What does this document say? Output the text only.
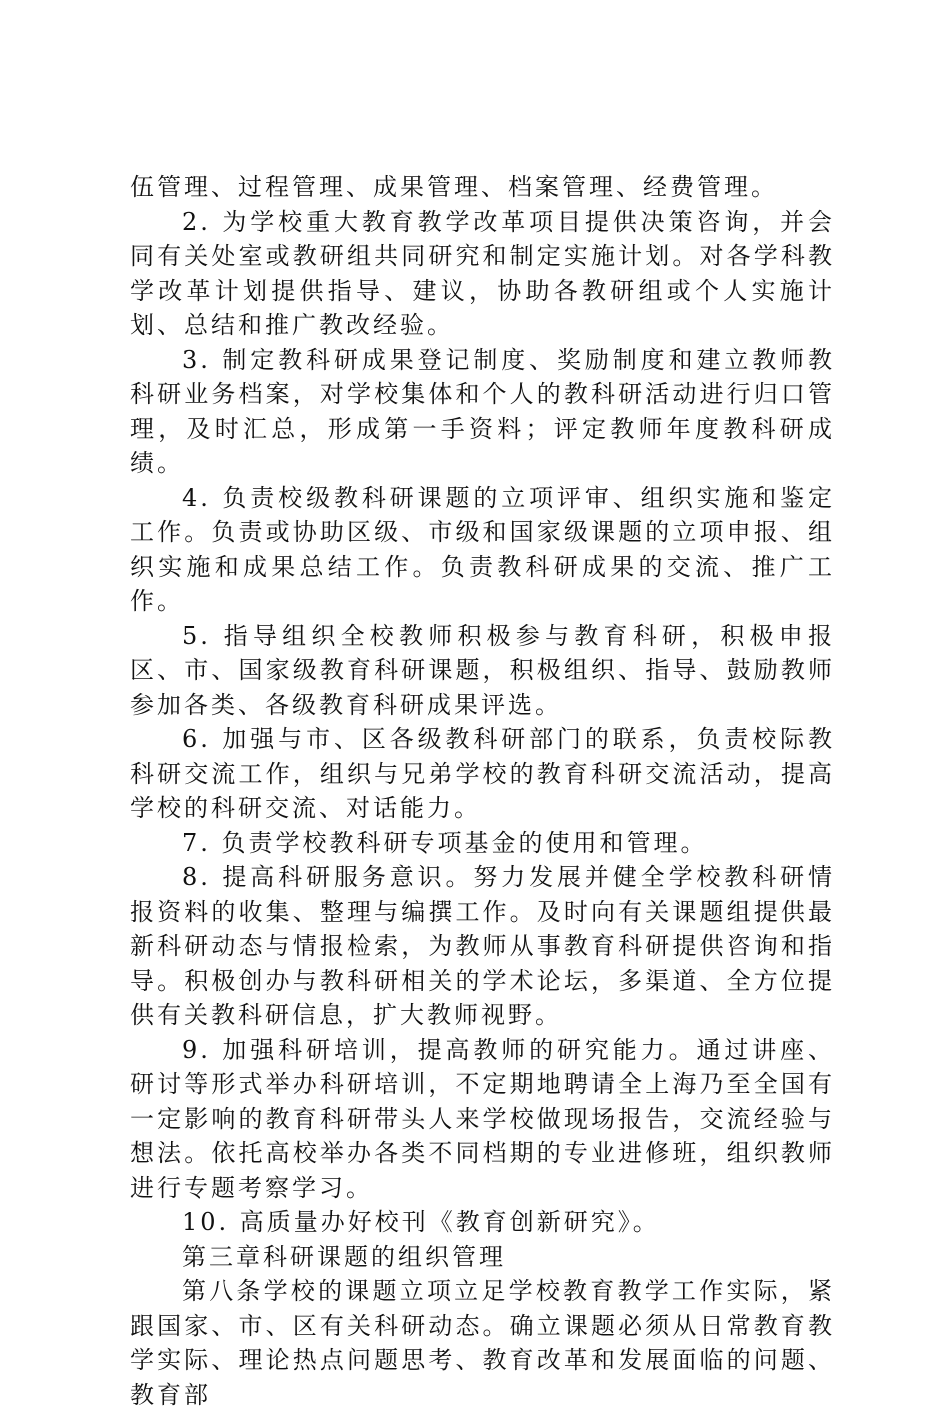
伍管理、过程管理、成果管理、档案管理、经费管理。

2. 为学校重大教育教学改革项目提供决策咨询，并会同有关处室或教研组共同研究和制定实施计划。对各学科教学改革计划提供指导、建议，协助各教研组或个人实施计划、总结和推广教改经验。

3. 制定教科研成果登记制度、奖励制度和建立教师教科研业务档案，对学校集体和个人的教科研活动进行归口管理，及时汇总，形成第一手资料；评定教师年度教科研成绩。

4. 负责校级教科研课题的立项评审、组织实施和鉴定工作。负责或协助区级、市级和国家级课题的立项申报、组织实施和成果总结工作。负责教科研成果的交流、推广工作。

5. 指导组织全校教师积极参与教育科研，积极申报区、市、国家级教育科研课题，积极组织、指导、鼓励教师参加各类、各级教育科研成果评选。

6. 加强与市、区各级教科研部门的联系，负责校际教科研交流工作，组织与兄弟学校的教育科研交流活动，提高学校的科研交流、对话能力。

7. 负责学校教科研专项基金的使用和管理。

8. 提高科研服务意识。努力发展并健全学校教科研情报资料的收集、整理与编撰工作。及时向有关课题组提供最新科研动态与情报检索，为教师从事教育科研提供咨询和指导。积极创办与教科研相关的学术论坛，多渠道、全方位提供有关教科研信息，扩大教师视野。

9. 加强科研培训，提高教师的研究能力。通过讲座、研讨等形式举办科研培训，不定期地聘请全上海乃至全国有一定影响的教育科研带头人来学校做现场报告，交流经验与想法。依托高校举办各类不同档期的专业进修班，组织教师进行专题考察学习。

10. 高质量办好校刊《教育创新研究》。

第三章科研课题的组织管理

第八条学校的课题立项立足学校教育教学工作实际，紧跟国家、市、区有关科研动态。确立课题必须从日常教育教学实际、理论热点问题思考、教育改革和发展面临的问题、教育部
